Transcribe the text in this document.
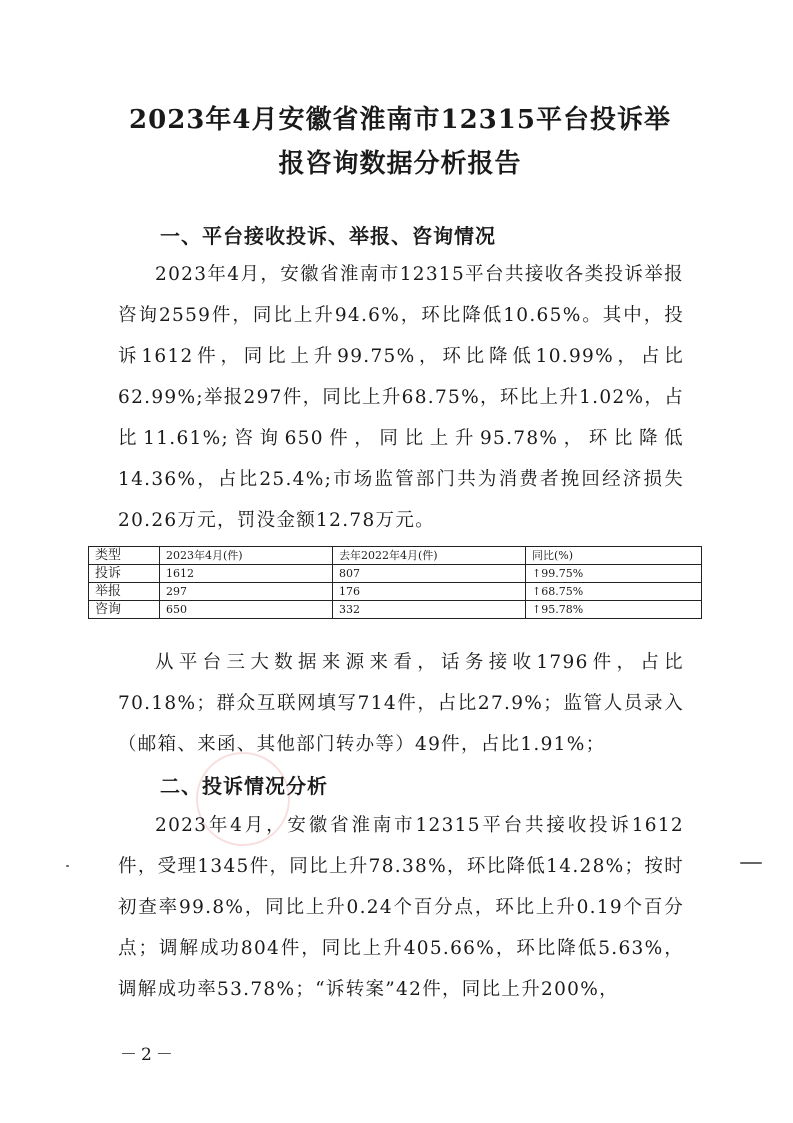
2023年4月安徽省淮南市12315平台投诉举
报咨询数据分析报告
一、平台接收投诉、举报、咨询情况

2023年4月，安徽省淮南市12315平台共接收各类投诉举报咨询2559件，同比上升94.6%，环比降低10.65%。其中，投诉1612件，同比上升99.75%，环比降低10.99%，占比62.99%;举报297件，同比上升68.75%，环比上升1.02%，占比11.61%;咨询650件，同比上升95.78%，环比降低14.36%，占比25.4%;市场监管部门共为消费者挽回经济损失20.26万元，罚没金额12.78万元。

类型	2023年4月(件)	去年2022年4月(件)	同比(%)
投诉	1612	807	↑99.75%
举报	297	176	↑68.75%
咨询	650	332	↑95.78%

从平台三大数据来源来看，话务接收1796件，占比70.18%；群众互联网填写714件，占比27.9%；监管人员录入（邮箱、来函、其他部门转办等）49件，占比1.91%；

二、投诉情况分析

2023年4月，安徽省淮南市12315平台共接收投诉1612件，受理1345件，同比上升78.38%，环比降低14.28%；按时初查率99.8%，同比上升0.24个百分点，环比上升0.19个百分点；调解成功804件，同比上升405.66%，环比降低5.63%，调解成功率53.78%；“诉转案”42件，同比上升200%，

－2－
